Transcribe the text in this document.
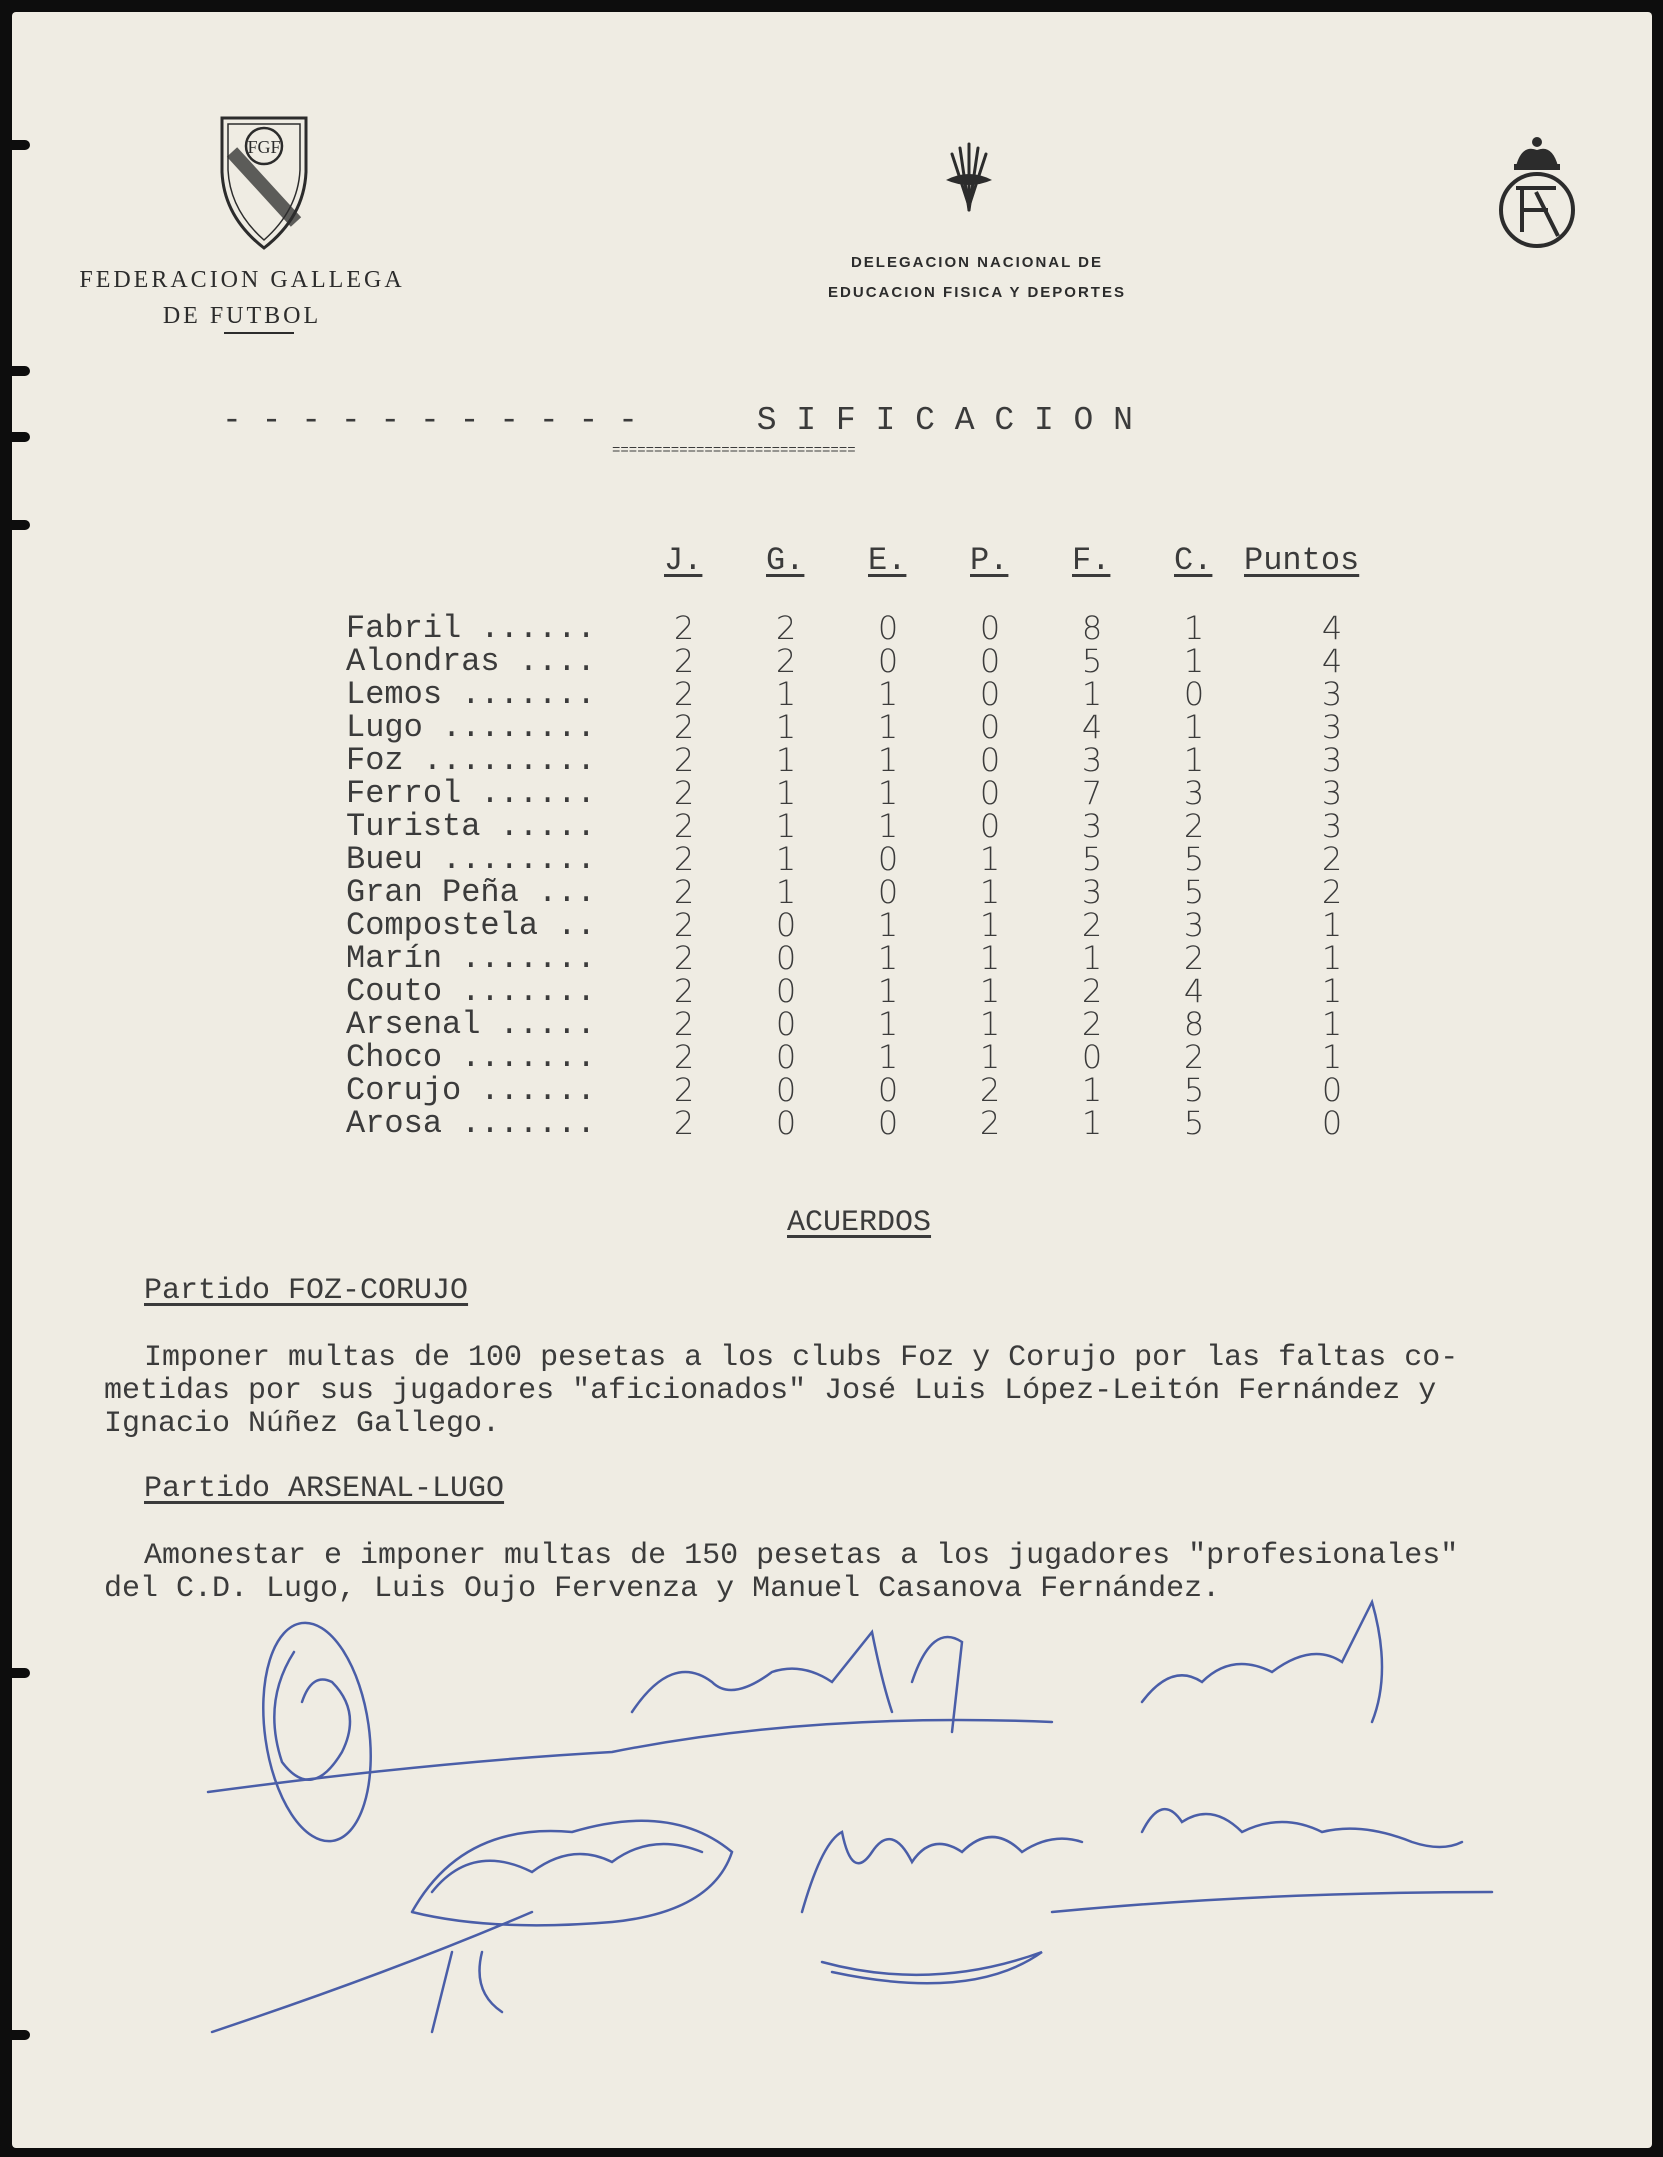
FGF
FEDERACION GALLEGA
DE FUTBOL
DELEGACION NACIONAL DE
EDUCACION FISICA Y DEPORTES
- - - - - - - - - - -	S I F I C A C I O N
=============================
J. G. E. P. F. C. Puntos
Fabril ......	2	2	0	0	8	1	4
Alondras ....	2	2	0	0	5	1	4
Lemos .......	2	1	1	0	1	0	3
Lugo ........	2	1	1	0	4	1	3
Foz .........	2	1	1	0	3	1	3
Ferrol ......	2	1	1	0	7	3	3
Turista .....	2	1	1	0	3	2	3
Bueu ........	2	1	0	1	5	5	2
Gran Peña ...	2	1	0	1	3	5	2
Compostela ..	2	0	1	1	2	3	1
Marín .......	2	0	1	1	1	2	1
Couto .......	2	0	1	1	2	4	1
Arsenal .....	2	0	1	1	2	8	1
Choco .......	2	0	1	1	0	2	1
Corujo ......	2	0	0	2	1	5	0
Arosa .......	2	0	0	2	1	5	0
ACUERDOS
Partido FOZ-CORUJO
Imponer multas de 100 pesetas a los clubs Foz y Corujo por las faltas co-
metidas por sus jugadores "aficionados" José Luis López-Leitón Fernández y
Ignacio Núñez Gallego.
Partido ARSENAL-LUGO
Amonestar e imponer multas de 150 pesetas a los jugadores "profesionales"
del C.D. Lugo, Luis Oujo Fervenza y Manuel Casanova Fernández.
